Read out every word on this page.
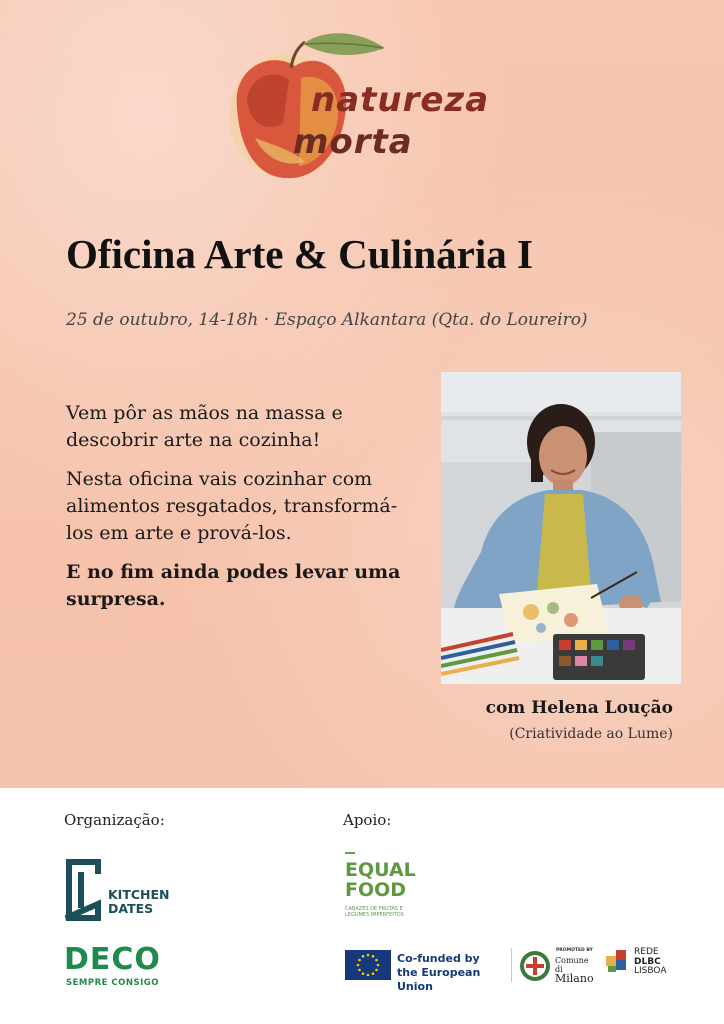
natureza
morta
Oficina Arte & Culinária I

25 de outubro, 14-18h · Espaço Alkantara (Qta. do Loureiro)

Vem pôr as mãos na massa e descobrir arte na cozinha!

Nesta oficina vais cozinhar com alimentos resgatados, transformá-los em arte e prová-los.

E no fim ainda podes levar uma surpresa.

com Helena Loução

(Criatividade ao Lume)

Organização:	Apoio:

KITCHEN
DATES

DECO

SEMPRE CONSIGO

EQUAL

FOOD

CABAZES DE FRUTAS E LEGUMES IMPERFEITOS
Co-funded by
the European Union
PROMOTED BY
Comune di
Milano
REDE
DLBC
LISBOA
